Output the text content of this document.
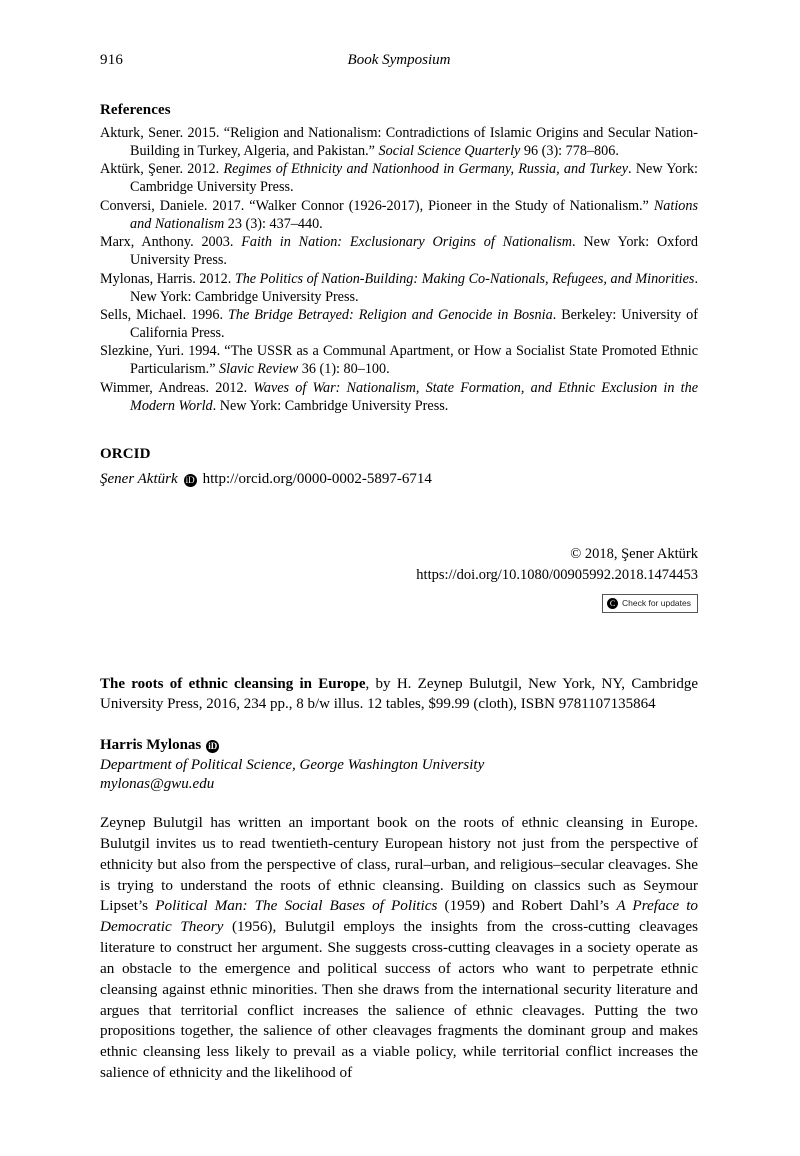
916	Book Symposium
References
Akturk, Sener. 2015. “Religion and Nationalism: Contradictions of Islamic Origins and Secular Nation-Building in Turkey, Algeria, and Pakistan.” Social Science Quarterly 96 (3): 778–806.
Aktürk, Şener. 2012. Regimes of Ethnicity and Nationhood in Germany, Russia, and Turkey. New York: Cambridge University Press.
Conversi, Daniele. 2017. “Walker Connor (1926-2017), Pioneer in the Study of Nationalism.” Nations and Nationalism 23 (3): 437–440.
Marx, Anthony. 2003. Faith in Nation: Exclusionary Origins of Nationalism. New York: Oxford University Press.
Mylonas, Harris. 2012. The Politics of Nation-Building: Making Co-Nationals, Refugees, and Minorities. New York: Cambridge University Press.
Sells, Michael. 1996. The Bridge Betrayed: Religion and Genocide in Bosnia. Berkeley: University of California Press.
Slezkine, Yuri. 1994. “The USSR as a Communal Apartment, or How a Socialist State Promoted Ethnic Particularism.” Slavic Review 36 (1): 80–100.
Wimmer, Andreas. 2012. Waves of War: Nationalism, State Formation, and Ethnic Exclusion in the Modern World. New York: Cambridge University Press.
ORCID
Şener Aktürk iD http://orcid.org/0000-0002-5897-6714
© 2018, Şener Aktürk
https://doi.org/10.1080/00905992.2018.1474453
C Check for updates
The roots of ethnic cleansing in Europe, by H. Zeynep Bulutgil, New York, NY, Cambridge University Press, 2016, 234 pp., 8 b/w illus. 12 tables, $99.99 (cloth), ISBN 9781107135864
Harris Mylonas iD
Department of Political Science, George Washington University
mylonas@gwu.edu
Zeynep Bulutgil has written an important book on the roots of ethnic cleansing in Europe. Bulutgil invites us to read twentieth-century European history not just from the perspective of ethnicity but also from the perspective of class, rural–urban, and religious–secular cleavages. She is trying to understand the roots of ethnic cleansing. Building on classics such as Seymour Lipset’s Political Man: The Social Bases of Politics (1959) and Robert Dahl’s A Preface to Democratic Theory (1956), Bulutgil employs the insights from the cross-cutting cleavages literature to construct her argument. She suggests cross-cutting cleavages in a society operate as an obstacle to the emergence and political success of actors who want to perpetrate ethnic cleansing against ethnic minorities. Then she draws from the international security literature and argues that territorial conflict increases the salience of ethnic cleavages. Putting the two propositions together, the salience of other cleavages fragments the dominant group and makes ethnic cleansing less likely to prevail as a viable policy, while territorial conflict increases the salience of ethnicity and the likelihood of
